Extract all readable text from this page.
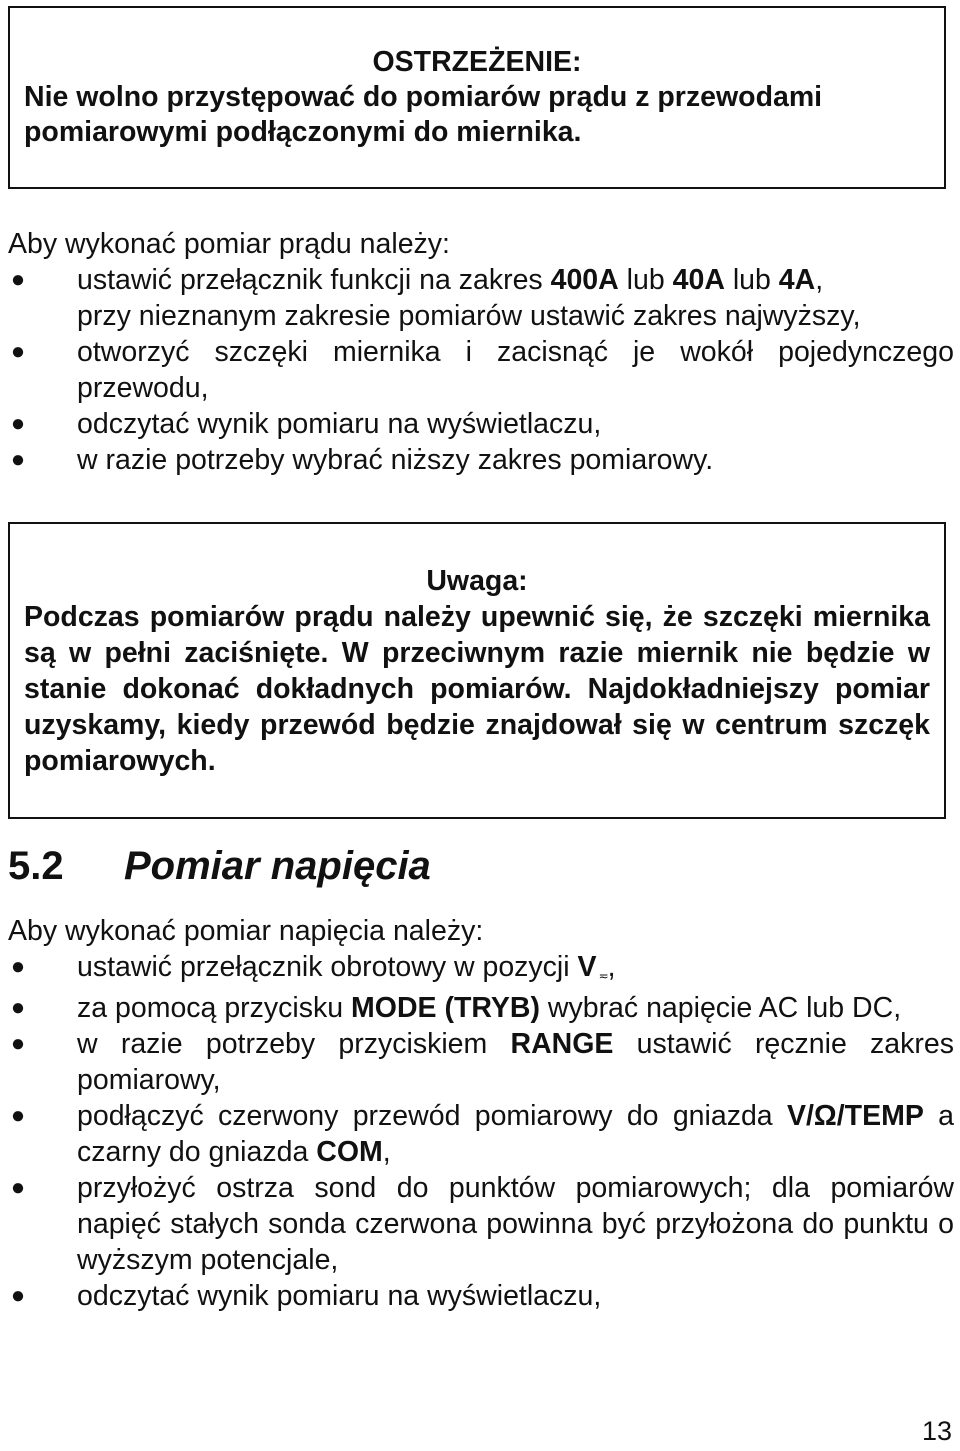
OSTRZEŻENIE:

Nie wolno przystępować do pomiarów prądu z przewodami

pomiarowymi podłączonymi do miernika.

Aby wykonać pomiar prądu należy:

● ustawić przełącznik funkcji na zakres 400A lub 40A lub 4A,
przy nieznanym zakresie pomiarów ustawić zakres najwyższy,
● otworzyć szczęki miernika i zacisnąć je wokół pojedynczego przewodu,
● odczytać wynik pomiaru na wyświetlaczu,
● w razie potrzeby wybrać niższy zakres pomiarowy.

Uwaga:

Podczas pomiarów prądu należy upewnić się, że szczęki miernika są w pełni zaciśnięte. W przeciwnym razie miernik nie będzie w stanie dokonać dokładnych pomiarów. Najdokładniejszy pomiar uzyskamy, kiedy przewód będzie znajdował się w centrum szczęk pomiarowych.

5.2 Pomiar napięcia

Aby wykonać pomiar napięcia należy:

● ustawić przełącznik obrotowy w pozycji V ≂,
● za pomocą przycisku MODE (TRYB) wybrać napięcie AC lub DC,
● w razie potrzeby przyciskiem RANGE ustawić ręcznie zakres pomiarowy,
● podłączyć czerwony przewód pomiarowy do gniazda V/Ω/TEMP a czarny do gniazda COM,
● przyłożyć ostrza sond do punktów pomiarowych; dla pomiarów napięć stałych sonda czerwona powinna być przyłożona do punktu o wyższym potencjale,
● odczytać wynik pomiaru na wyświetlaczu,
13
